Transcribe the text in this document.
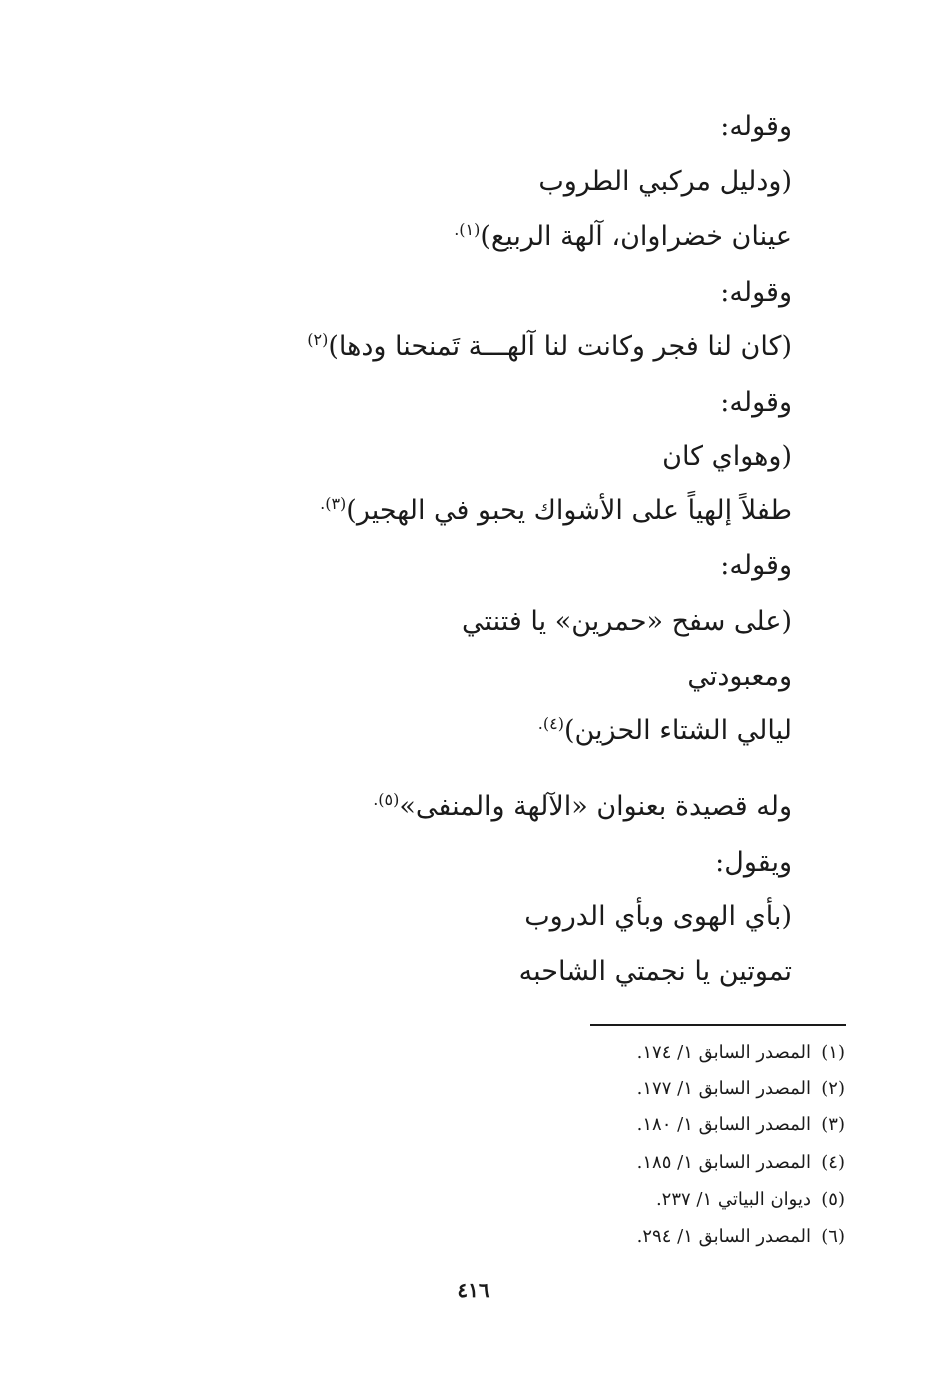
وقوله:
(ودليل مركبي الطروب
عينان خضراوان، آلهة الربيع)$^{(١).}$
وقوله:
(كان لنا فجر وكانت لنا آلهـــة تَمنحنا ودها)$^{(٢)}$
وقوله:
(وهواي كان
طفلاً إلهياً على الأشواك يحبو في الهجير)$^{(٣).}$
وقوله:
(على سفح «حمرين» يا فتنتي
ومعبودتي
ليالي الشتاء الحزين)$^{(٤).}$
وله قصيدة بعنوان «الآلهة والمنفى»$^{(٥).}$
ويقول:
(بأي الهوى وبأي الدروب
تموتين يا نجمتي الشاحبه
(١)المصدر السابق ١/ ١٧٤.
(٢)المصدر السابق ١/ ١٧٧.
(٣)المصدر السابق ١/ ١٨٠.
(٤)المصدر السابق ١/ ١٨٥.
(٥)ديوان البياتي ١/ ٢٣٧.
(٦)المصدر السابق ١/ ٢٩٤.
٤١٦
